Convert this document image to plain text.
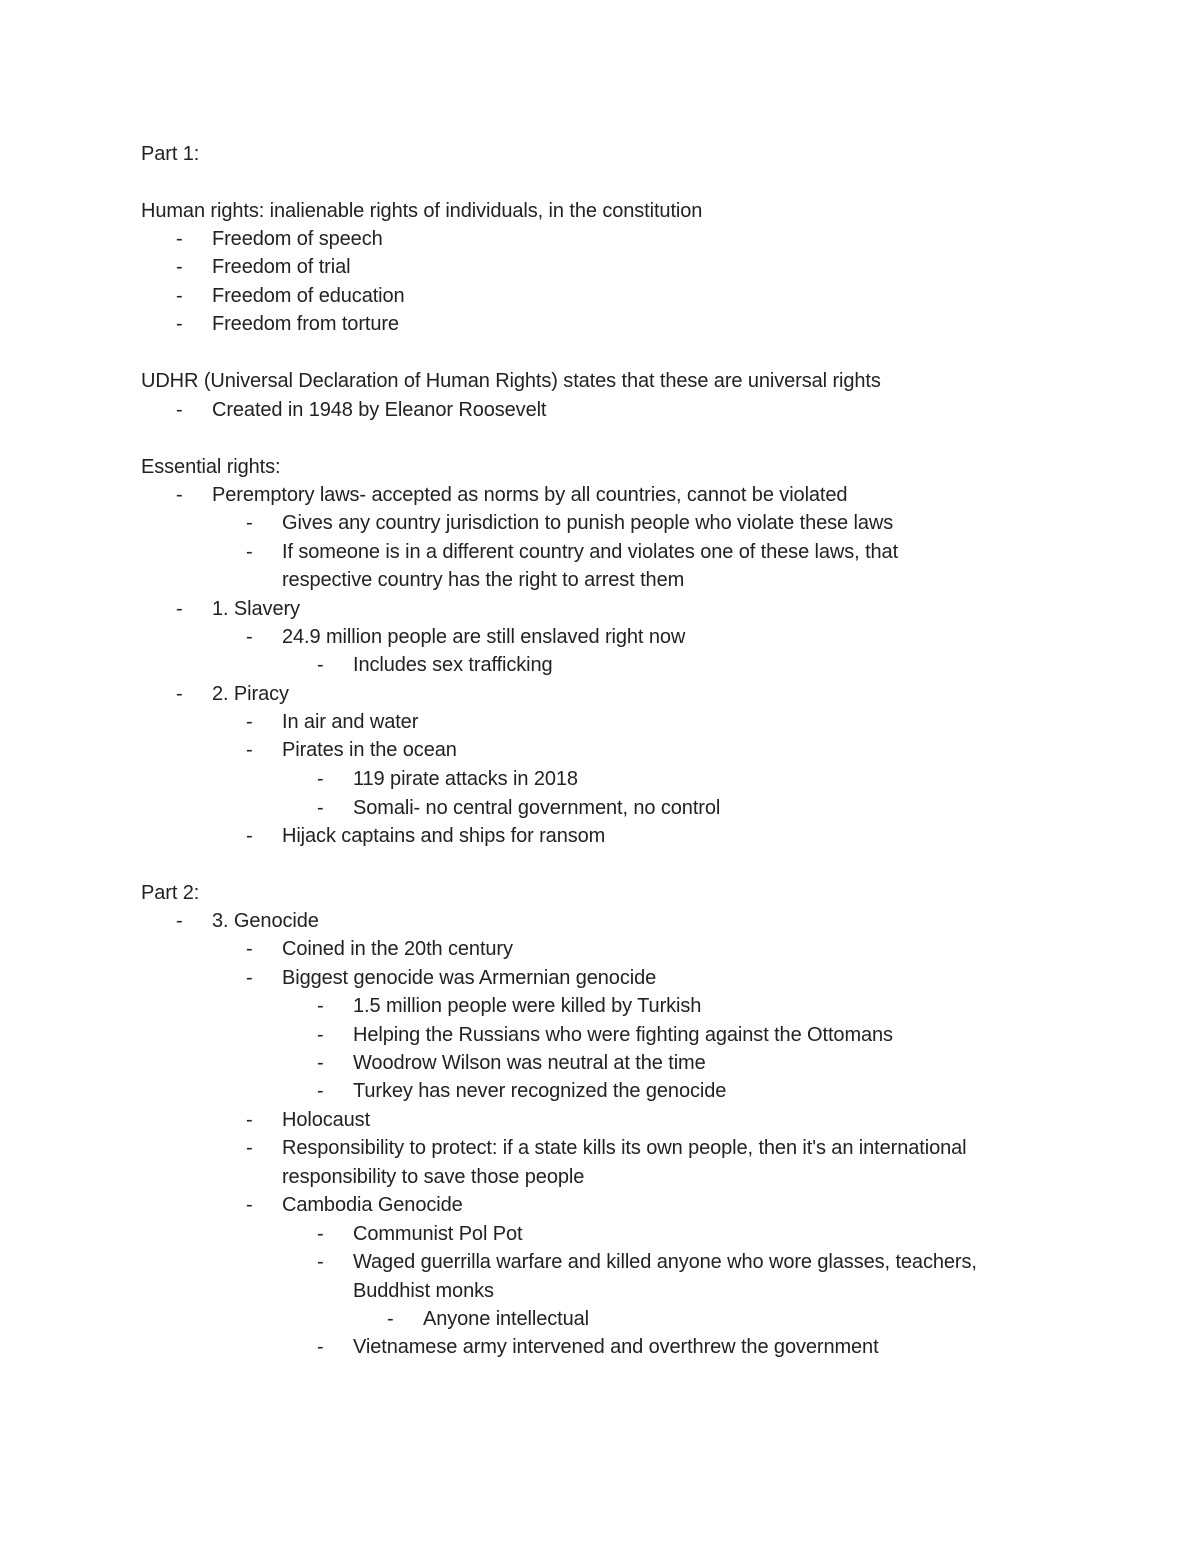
Part 1:
Human rights: inalienable rights of individuals, in the constitution
- Freedom of speech
- Freedom of trial
- Freedom of education
- Freedom from torture
UDHR (Universal Declaration of Human Rights) states that these are universal rights
- Created in 1948 by Eleanor Roosevelt
Essential rights:
- Peremptory laws- accepted as norms by all countries, cannot be violated
- Gives any country jurisdiction to punish people who violate these laws
- If someone is in a different country and violates one of these laws, that
respective country has the right to arrest them
- 1. Slavery
- 24.9 million people are still enslaved right now
- Includes sex trafficking
- 2. Piracy
- In air and water
- Pirates in the ocean
- 119 pirate attacks in 2018
- Somali- no central government, no control
- Hijack captains and ships for ransom
Part 2:
- 3. Genocide
- Coined in the 20th century
- Biggest genocide was Armernian genocide
- 1.5 million people were killed by Turkish
- Helping the Russians who were fighting against the Ottomans
- Woodrow Wilson was neutral at the time
- Turkey has never recognized the genocide
- Holocaust
- Responsibility to protect: if a state kills its own people, then it's an international
responsibility to save those people
- Cambodia Genocide
- Communist Pol Pot
- Waged guerrilla warfare and killed anyone who wore glasses, teachers,
Buddhist monks
- Anyone intellectual
- Vietnamese army intervened and overthrew the government
